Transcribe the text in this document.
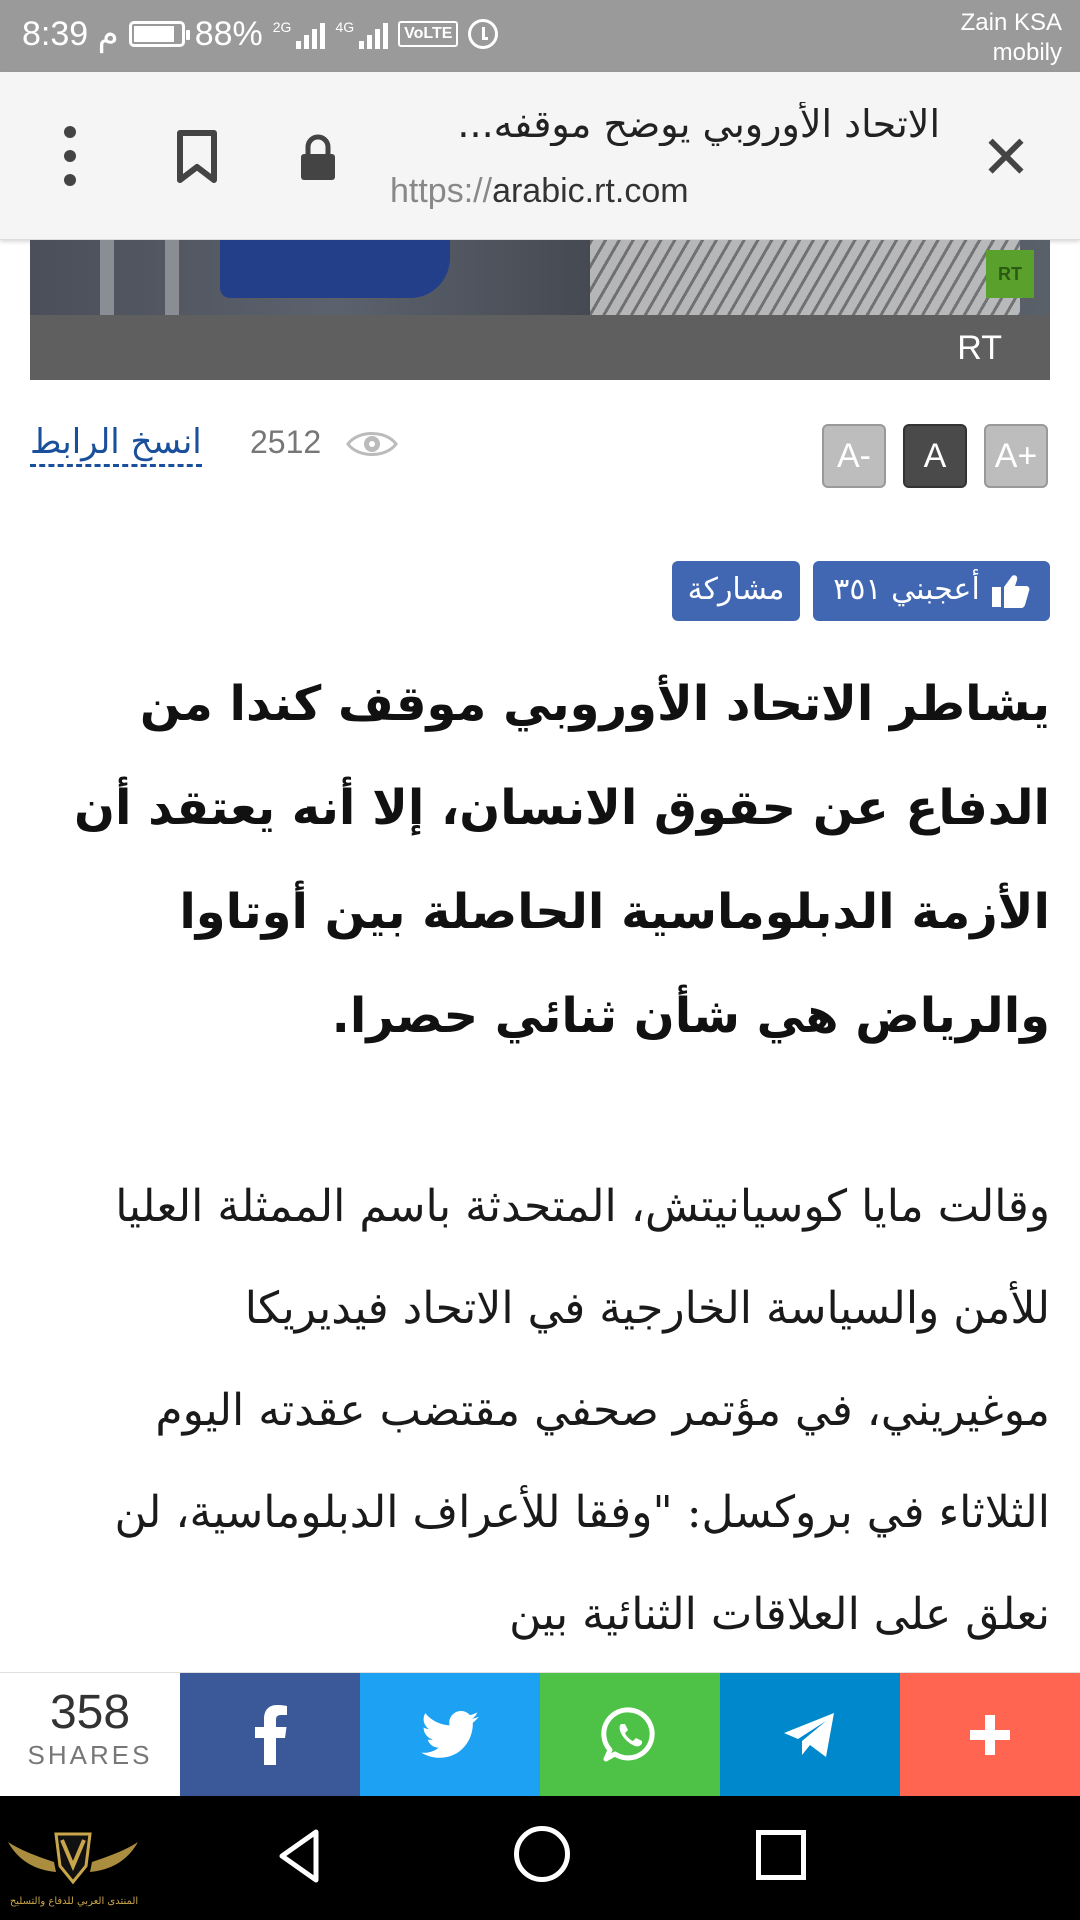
8:39 م 88% 2G	4G	VoLTE	Zain KSA
mobily
الاتحاد الأوروبي يوضح موقفه...
https://arabic.rt.com	✕
RT
RT
انسخ الرابط 2512	A-	A	A+
أعجبني ٣٥١
مشاركة
يشاطر الاتحاد الأوروبي موقف كندا من الدفاع عن حقوق الانسان، إلا أنه يعتقد أن الأزمة الدبلوماسية الحاصلة بين أوتاوا والرياض هي شأن ثنائي حصرا.
وقالت مايا كوسيانيتش، المتحدثة باسم الممثلة العليا للأمن والسياسة الخارجية في الاتحاد فيديريكا موغيريني، في مؤتمر صحفي مقتضب عقدته اليوم الثلاثاء في بروكسل: "وفقا للأعراف الدبلوماسية، لن نعلق على العلاقات الثنائية بين
358
SHARES
المنتدى العربي للدفاع والتسليح
